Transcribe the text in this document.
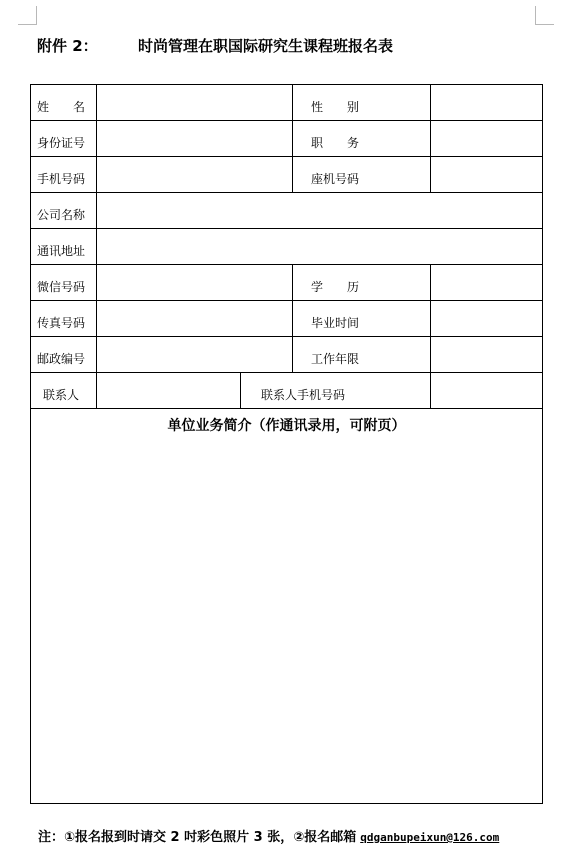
附件 2：	时尚管理在职国际研究生课程班报名表
姓　　名			性　　别	
身份证号			职　　务	
手机号码			座机号码	
公司名称				
通讯地址				
微信号码			学　　历	
传真号码			毕业时间	
邮政编号			工作年限	
联系人		联系人手机号码		

单位业务简介（作通讯录用，可附页）				
注：①报名报到时请交 2 吋彩色照片 3 张，②报名邮箱 qdganbupeixun@126.com
